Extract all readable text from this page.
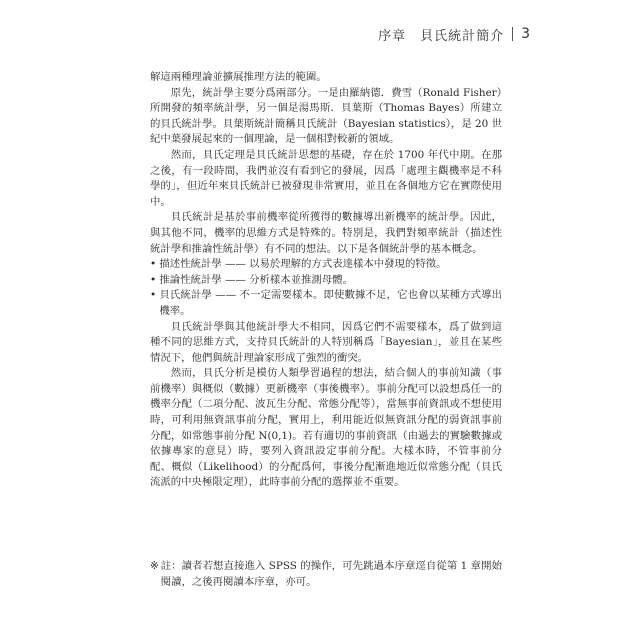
序章　貝氏統計簡介 3

解這兩種理論並擴展推理方法的範圍。

原先，統計學主要分爲兩部分。一是由羅納德．費雪（Ronald Fisher）所開發的頻率統計學，另一個是湯馬斯．貝葉斯（Thomas Bayes）所建立的貝氏統計學。貝葉斯統計簡稱貝氏統計（Bayesian statistics），是 20 世紀中葉發展起來的一個理論，是一個相對較新的領域。

然而，貝氏定理是貝氏統計思想的基礎，存在於 1700 年代中期。在那之後，有一段時間，我們並沒有看到它的發展，因爲「處理主觀機率是不科學的」，但近年來貝氏統計已被發現非常實用，並且在各個地方它在實際使用中。

貝氏統計是基於事前機率從所獲得的數據導出新機率的統計學。因此，與其他不同，機率的思維方式是特殊的。特別是，我們對頻率統計（描述性統計學和推論性統計學）有不同的想法。以下是各個統計學的基本概念。

• 描述性統計學 —— 以易於理解的方式表達樣本中發現的特徵。
• 推論性統計學 —— 分析樣本並推測母體。
• 貝氏統計學 —— 不一定需要樣本。即使數據不足，它也會以某種方式導出機率。

貝氏統計學與其他統計學大不相同，因爲它們不需要樣本，爲了做到這種不同的思維方式，支持貝氏統計的人特別稱爲「Bayesian」，並且在某些情況下，他們與統計理論家形成了強烈的衝突。

然而，貝氏分析是模仿人類學習過程的想法，結合個人的事前知識（事前機率）與概似（數據）更新機率（事後機率）。事前分配可以設想爲任一的機率分配（二項分配、波瓦生分配、常態分配等），當無事前資訊或不想使用時，可利用無資訊事前分配，實用上，利用能近似無資訊分配的弱資訊事前分配，如常態事前分配 N(0,1)。若有適切的事前資訊（由過去的實驗數據或依據專家的意見）時，要列入資訊設定事前分配。大樣本時，不管事前分配、概似（Likelihood）的分配爲何，事後分配漸進地近似常態分配（貝氏流派的中央極限定理），此時事前分配的選擇並不重要。

※ 註：讀者若想直接進入 SPSS 的操作，可先跳過本序章逕自從第 1 章開始閱讀，之後再閱讀本序章，亦可。
